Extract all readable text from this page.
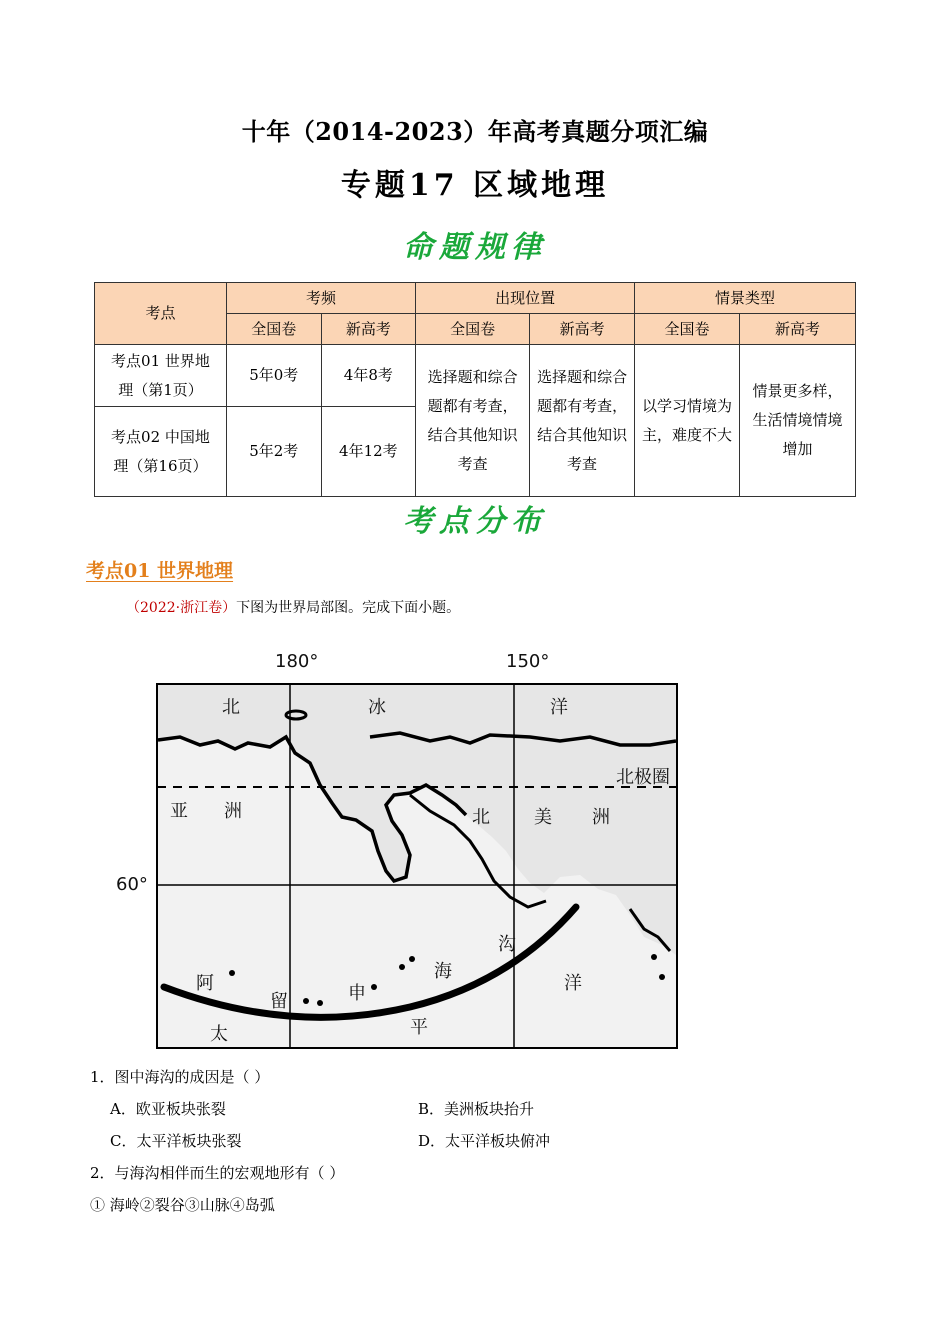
十年（2014-2023）年高考真题分项汇编
专题17 区域地理
命题规律
考点	考频		出现位置		情景类型	
	全国卷	新高考	全国卷	新高考	全国卷	新高考
考点01 世界地理（第1页）	5年0考	4年8考	选择题和综合题都有考查，结合其他知识考查	选择题和综合题都有考查，结合其他知识考查	以学习情境为主，难度不大	情景更多样，生活情境情境增加
考点02 中国地理（第16页）	5年2考	4年12考				
考点分布
考点01 世界地理
（2022·浙江卷）下图为世界局部图。完成下面小题。
180°	150°
60°
北极圈
北	冰	洋
亚 洲	北 美 洲
沟
海
洋
阿
留	申
太	平
1．图中海沟的成因是（ ）
A．欧亚板块张裂	B．美洲板块抬升
C．太平洋板块张裂	D．太平洋板块俯冲
2．与海沟相伴而生的宏观地形有（ ）
① 海岭②裂谷③山脉④岛弧
